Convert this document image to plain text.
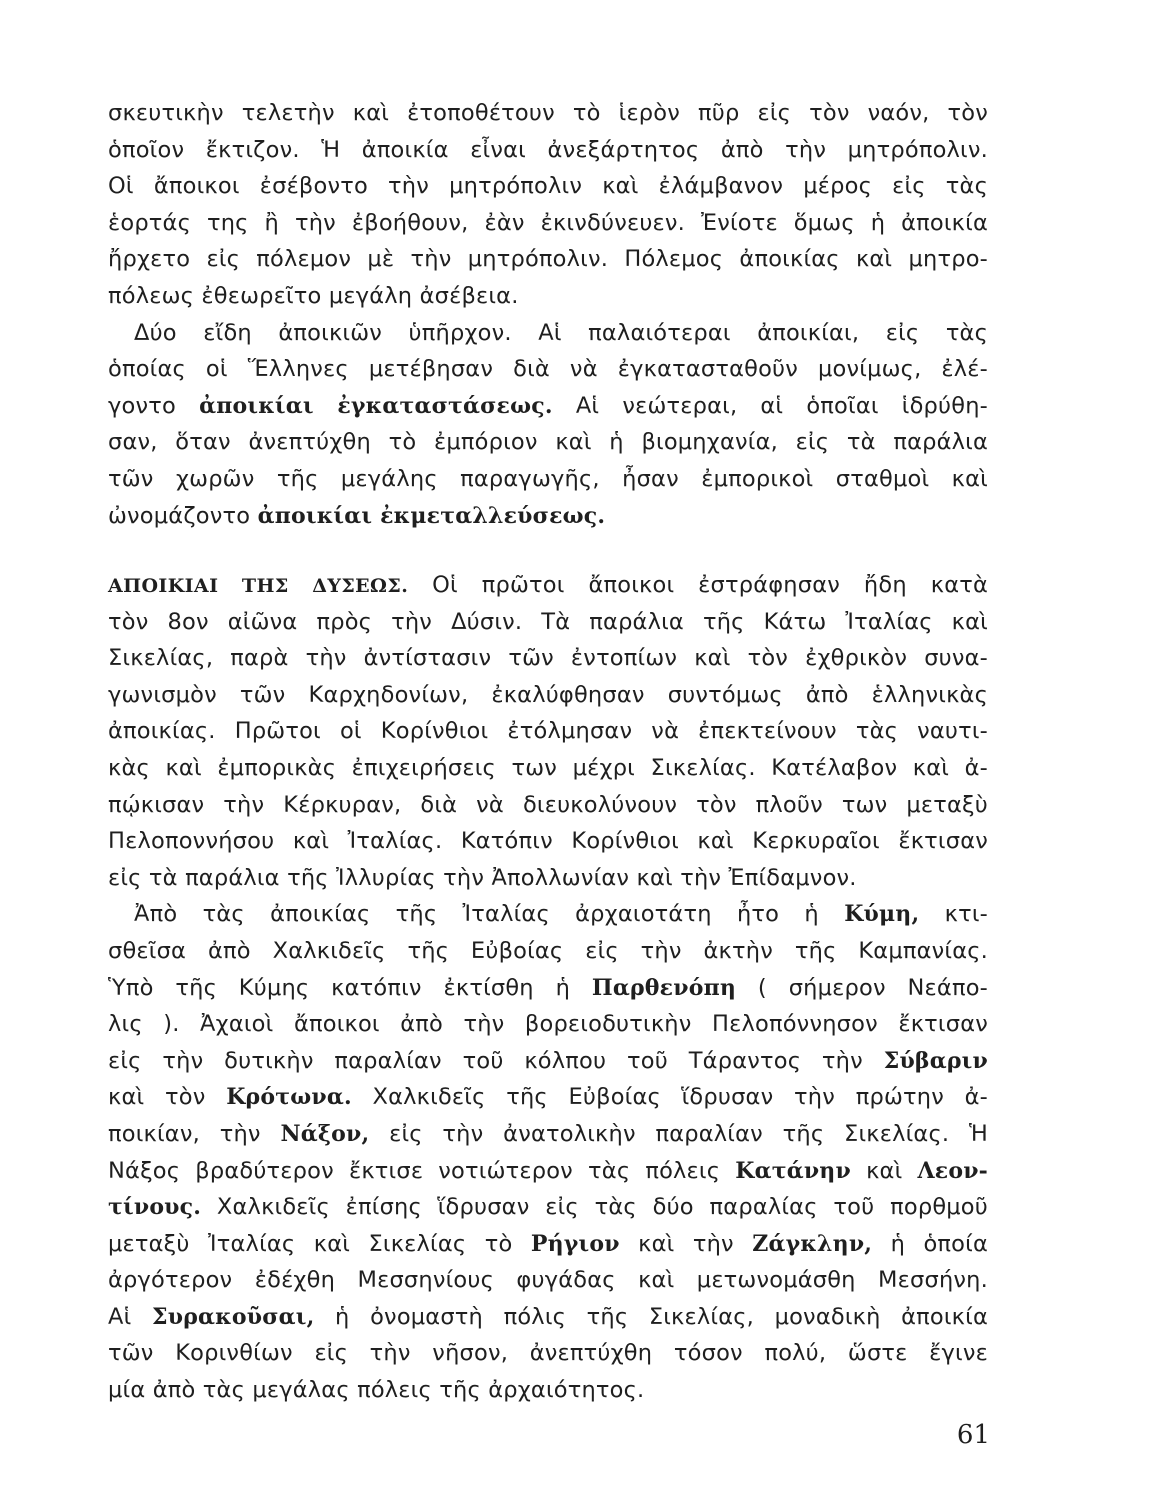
σκευτικὴν τελετὴν καὶ ἐτοποθέτουν τὸ ἱερὸν πῦρ εἰς τὸν ναόν, τὸν
ὁποῖον ἔκτιζον. Ἡ ἀποικία εἶναι ἀνεξάρτητος ἀπὸ τὴν μητρόπολιν.
Οἱ ἄποικοι ἐσέβοντο τὴν μητρόπολιν καὶ ἐλάμβανον μέρος εἰς τὰς
ἑορτάς της ἢ τὴν ἐβοήθουν, ἐὰν ἐκινδύνευεν. Ἐνίοτε ὅμως ἡ ἀποικία
ἤρχετο εἰς πόλεμον μὲ τὴν μητρόπολιν. Πόλεμος ἀποικίας καὶ μητρο-
πόλεως ἐθεωρεῖτο μεγάλη ἀσέβεια.
Δύο εἴδη ἀποικιῶν ὑπῆρχον. Αἱ παλαιότεραι ἀποικίαι, εἰς τὰς
ὁποίας οἱ Ἕλληνες μετέβησαν διὰ νὰ ἐγκατασταθοῦν μονίμως, ἐλέ-
γοντο ἀποικίαι ἐγκαταστάσεως. Αἱ νεώτεραι, αἱ ὁποῖαι ἱδρύθη-
σαν, ὅταν ἀνεπτύχθη τὸ ἐμπόριον καὶ ἡ βιομηχανία, εἰς τὰ παράλια
τῶν χωρῶν τῆς μεγάλης παραγωγῆς, ἦσαν ἐμπορικοὶ σταθμοὶ καὶ
ὠνομάζοντο ἀποικίαι ἐκμεταλλεύσεως.
ΑΠΟΙΚΙΑΙ ΤΗΣ ΔΥΣΕΩΣ. Οἱ πρῶτοι ἄποικοι ἐστράφησαν ἤδη κατὰ
τὸν 8ον αἰῶνα πρὸς τὴν Δύσιν. Τὰ παράλια τῆς Κάτω Ἰταλίας καὶ
Σικελίας, παρὰ τὴν ἀντίστασιν τῶν ἐντοπίων καὶ τὸν ἐχθρικὸν συνα-
γωνισμὸν τῶν Καρχηδονίων, ἐκαλύφθησαν συντόμως ἀπὸ ἑλληνικὰς
ἀποικίας. Πρῶτοι οἱ Κορίνθιοι ἐτόλμησαν νὰ ἐπεκτείνουν τὰς ναυτι-
κὰς καὶ ἐμπορικὰς ἐπιχειρήσεις των μέχρι Σικελίας. Κατέλαβον καὶ ἀ-
πῴκισαν τὴν Κέρκυραν, διὰ νὰ διευκολύνουν τὸν πλοῦν των μεταξὺ
Πελοποννήσου καὶ Ἰταλίας. Κατόπιν Κορίνθιοι καὶ Κερκυραῖοι ἔκτισαν
εἰς τὰ παράλια τῆς Ἰλλυρίας τὴν Ἀπολλωνίαν καὶ τὴν Ἐπίδαμνον.
Ἀπὸ τὰς ἀποικίας τῆς Ἰταλίας ἀρχαιοτάτη ἦτο ἡ Κύμη, κτι-
σθεῖσα ἀπὸ Χαλκιδεῖς τῆς Εὐβοίας εἰς τὴν ἀκτὴν τῆς Καμπανίας.
Ὑπὸ τῆς Κύμης κατόπιν ἐκτίσθη ἡ Παρθενόπη ( σήμερον Νεάπο-
λις ). Ἀχαιοὶ ἄποικοι ἀπὸ τὴν βορειοδυτικὴν Πελοπόννησον ἔκτισαν
εἰς τὴν δυτικὴν παραλίαν τοῦ κόλπου τοῦ Τάραντος τὴν Σύβαριν
καὶ τὸν Κρότωνα. Χαλκιδεῖς τῆς Εὐβοίας ἵδρυσαν τὴν πρώτην ἀ-
ποικίαν, τὴν Νάξον, εἰς τὴν ἀνατολικὴν παραλίαν τῆς Σικελίας. Ἡ
Νάξος βραδύτερον ἔκτισε νοτιώτερον τὰς πόλεις Κατάνην καὶ Λεον-
τίνους. Χαλκιδεῖς ἐπίσης ἵδρυσαν εἰς τὰς δύο παραλίας τοῦ πορθμοῦ
μεταξὺ Ἰταλίας καὶ Σικελίας τὸ Ρήγιον καὶ τὴν Ζάγκλην, ἡ ὁποία
ἀργότερον ἐδέχθη Μεσσηνίους φυγάδας καὶ μετωνομάσθη Μεσσήνη.
Αἱ Συρακοῦσαι, ἡ ὀνομαστὴ πόλις τῆς Σικελίας, μοναδικὴ ἀποικία
τῶν Κορινθίων εἰς τὴν νῆσον, ἀνεπτύχθη τόσον πολύ, ὥστε ἔγινε
μία ἀπὸ τὰς μεγάλας πόλεις τῆς ἀρχαιότητος.
61
